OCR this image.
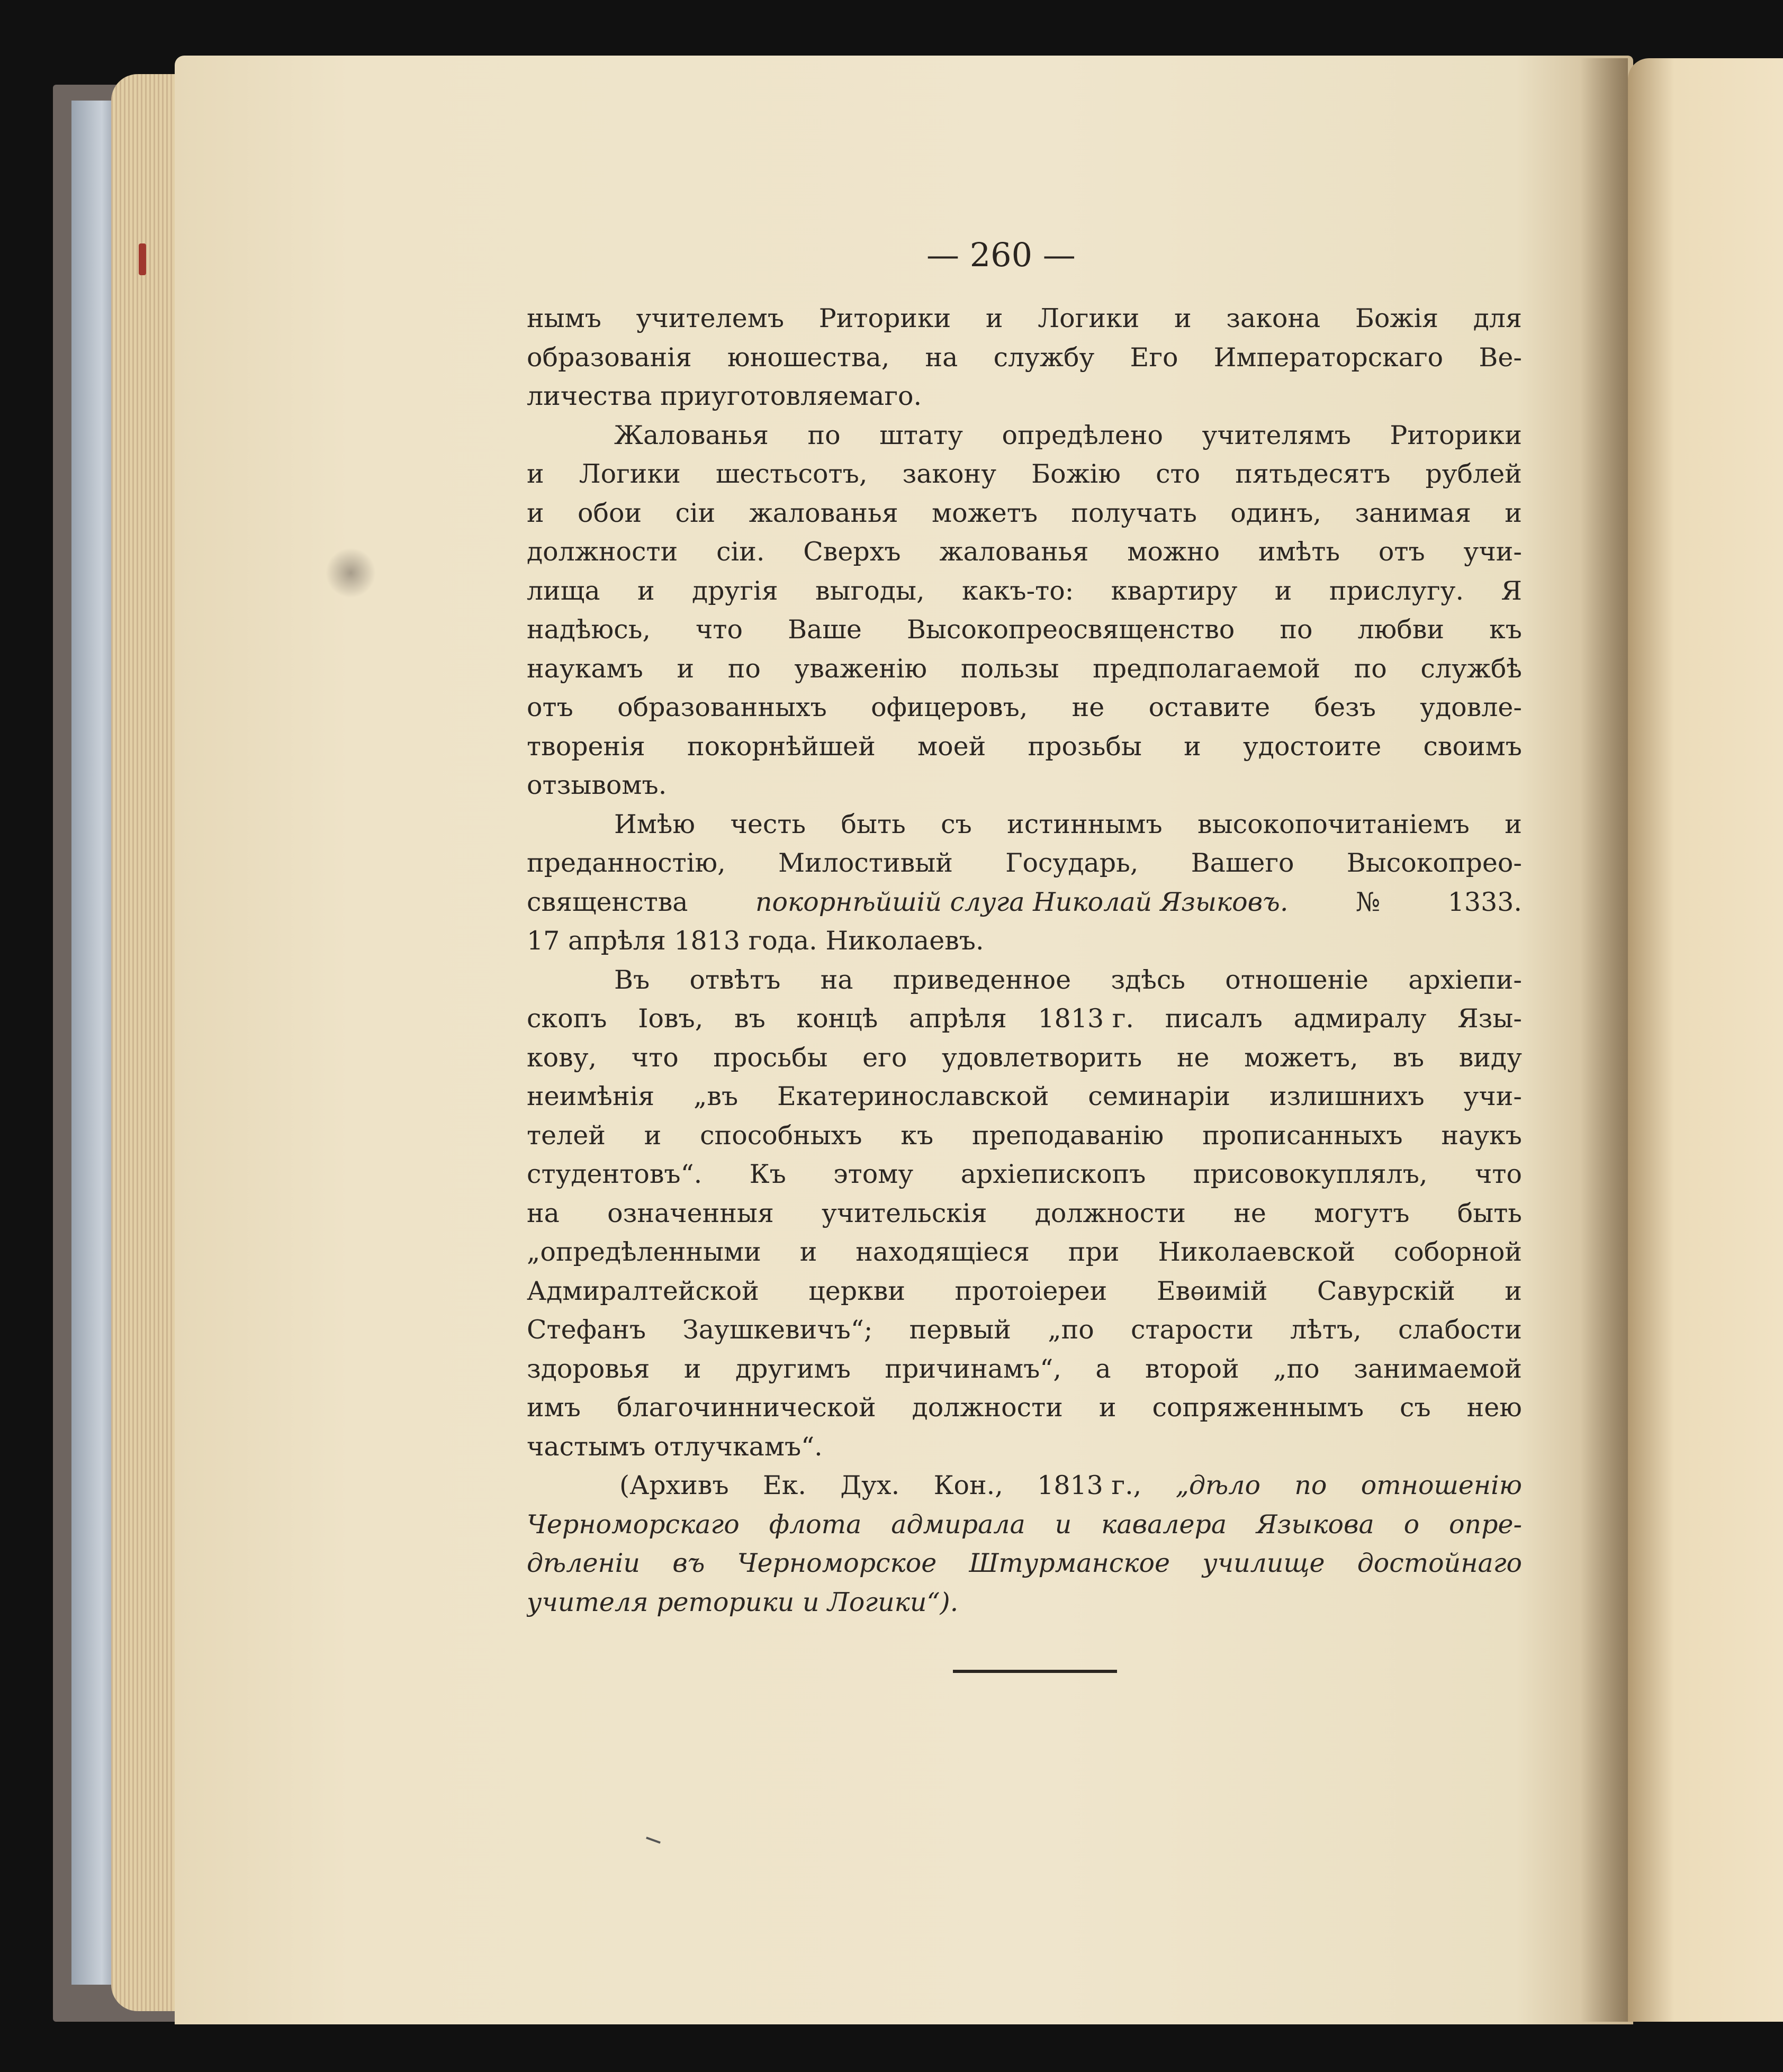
— 260 —
нымъ учителемъ Риторики и Логики и закона Божія для
образованія юношества, на службу Его Императорскаго Ве-
личества
приуготовляемаго.
Жалованья по штату опредѣлено учителямъ Риторики
и Логики шестьсотъ, закону Божію сто пятьдесятъ рублей
и обои сіи жалованья можетъ получать одинъ, занимая и
должности сіи. Сверхъ жалованья можно имѣть отъ учи-
лища и другія выгоды, какъ-то: квартиру и прислугу. Я
надѣюсь, что Ваше Высокопреосвященство по любви къ
наукамъ и по уваженію пользы предполагаемой по службѣ
отъ образованныхъ офицеровъ, не оставите безъ удовле-
творенія покорнѣйшей моей прозьбы и удостоите своимъ
отзывомъ.
Имѣю честь быть съ истиннымъ высокопочитаніемъ и
преданностію, Милостивый Государь, Вашего Высокопрео-
священства	покорнѣйшій слуга Николай Языковъ.	№	1333.
17
апрѣля
1813
года.
Николаевъ.
Въ отвѣтъ на приведенное здѣсь отношеніе архіепи-
скопъ Іовъ, въ концѣ апрѣля 1813 г. писалъ адмиралу Язы-
кову, что просьбы его удовлетворить не можетъ, въ виду
неимѣнія „въ Екатеринославской семинаріи излишнихъ учи-
телей и способныхъ къ преподаванію прописанныхъ наукъ
студентовъ“. Къ этому архіепископъ присовокуплялъ, что
на означенныя учительскія должности не могутъ быть
„опредѣленными и находящіеся при Николаевской соборной
Адмиралтейской церкви протоіереи Евѳимій Савурскій и
Стефанъ Заушкевичъ“; первый „по старости лѣтъ, слабости
здоровья и другимъ причинамъ“, а второй „по занимаемой
имъ благочиннической должности и сопряженнымъ съ нею
частымъ
отлучкамъ“.
(Архивъ Ек. Дух. Кон., 1813 г., „дѣло по отношенію
Черноморскаго флота адмирала и кавалера Языкова о опре-
дѣленіи въ Черноморское Штурманское училище достойнаго
учителя
реторики
и
Логики“).
